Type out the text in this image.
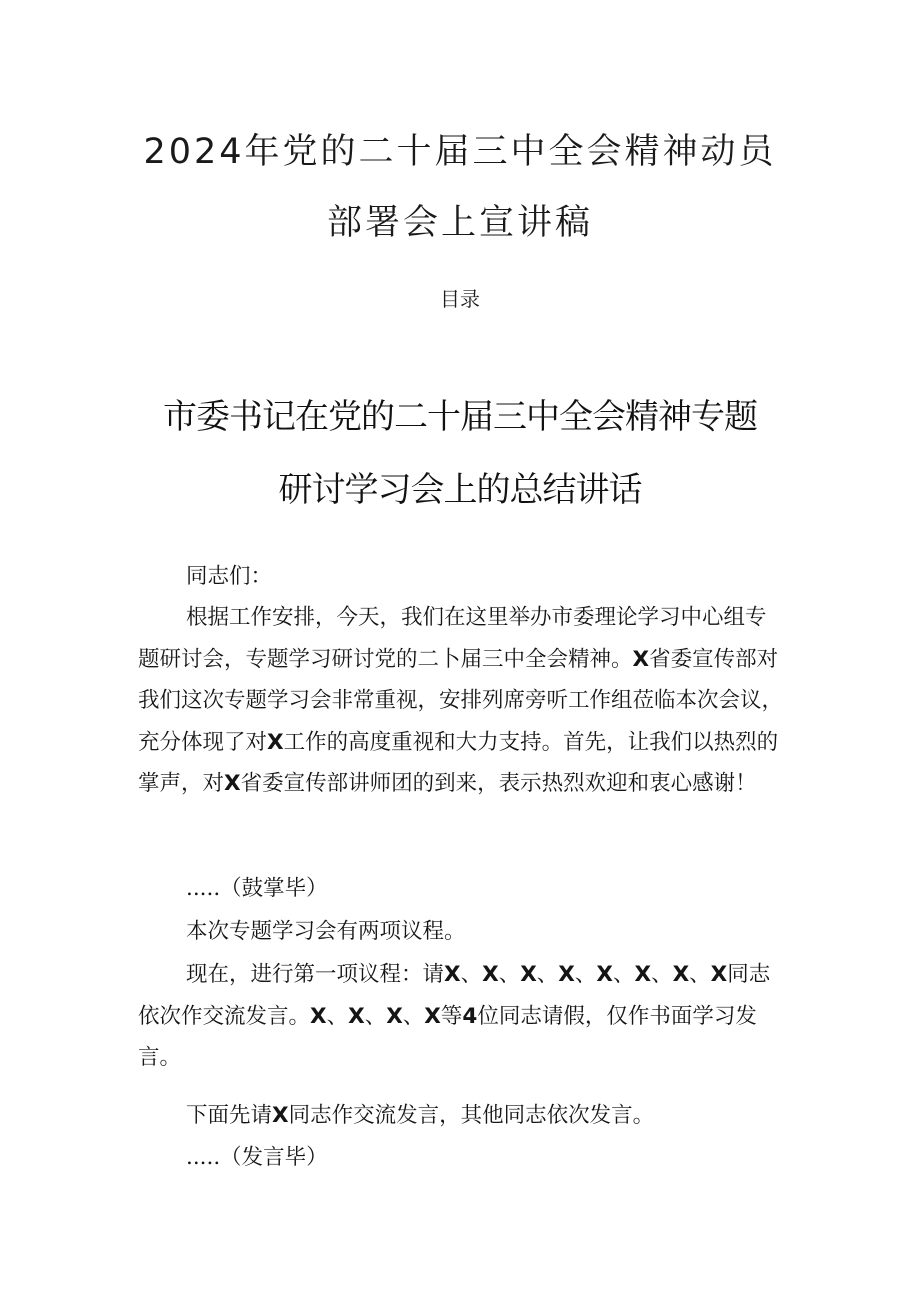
2024年党的二十届三中全会精神动员
部署会上宣讲稿
目录
市委书记在党的二十届三中全会精神专题
研讨学习会上的总结讲话

同志们：

根据工作安排，今天，我们在这里举办市委理论学习中心组专题研讨会，专题学习研讨党的二卜届三中全会精神。X省委宣传部对我们这次专题学习会非常重视，安排列席旁听工作组莅临本次会议，充分体现了对X工作的高度重视和大力支持。首先，让我们以热烈的掌声，对X省委宣传部讲师团的到来，表示热烈欢迎和衷心感谢！

.....（鼓掌毕）

本次专题学习会有两项议程。

现在，进行第一项议程：请X、X、X、X、X、X、X、X同志依次作交流发言。X、X、X、X等4位同志请假，仅作书面学习发言。

下面先请X同志作交流发言，其他同志依次发言。

.....（发言毕）
